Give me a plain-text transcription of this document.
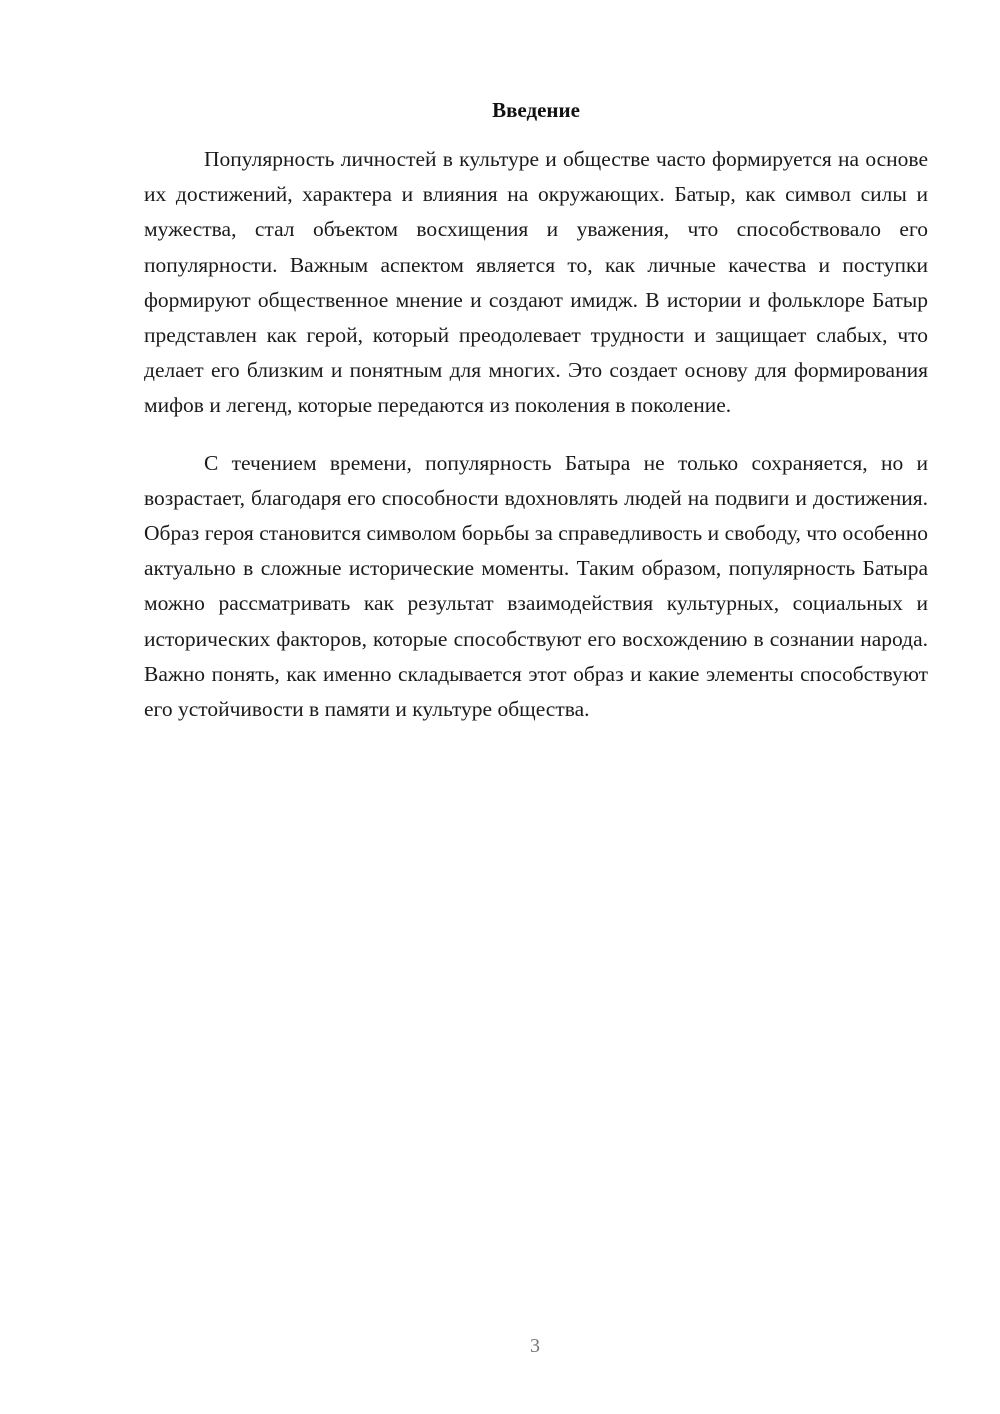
Введение

Популярность личностей в культуре и обществе часто формируется на основе их достижений, характера и влияния на окружающих. Батыр, как символ силы и мужества, стал объектом восхищения и уважения, что способствовало его популярности. Важным аспектом является то, как личные качества и поступки формируют общественное мнение и создают имидж. В истории и фольклоре Батыр представлен как герой, который преодолевает трудности и защищает слабых, что делает его близким и понятным для многих. Это создает основу для формирования мифов и легенд, которые передаются из поколения в поколение.

С течением времени, популярность Батыра не только сохраняется, но и возрастает, благодаря его способности вдохновлять людей на подвиги и достижения. Образ героя становится символом борьбы за справедливость и свободу, что особенно актуально в сложные исторические моменты. Таким образом, популярность Батыра можно рассматривать как результат взаимодействия культурных, социальных и исторических факторов, которые способствуют его восхождению в сознании народа. Важно понять, как именно складывается этот образ и какие элементы способствуют его устойчивости в памяти и культуре общества.

3
